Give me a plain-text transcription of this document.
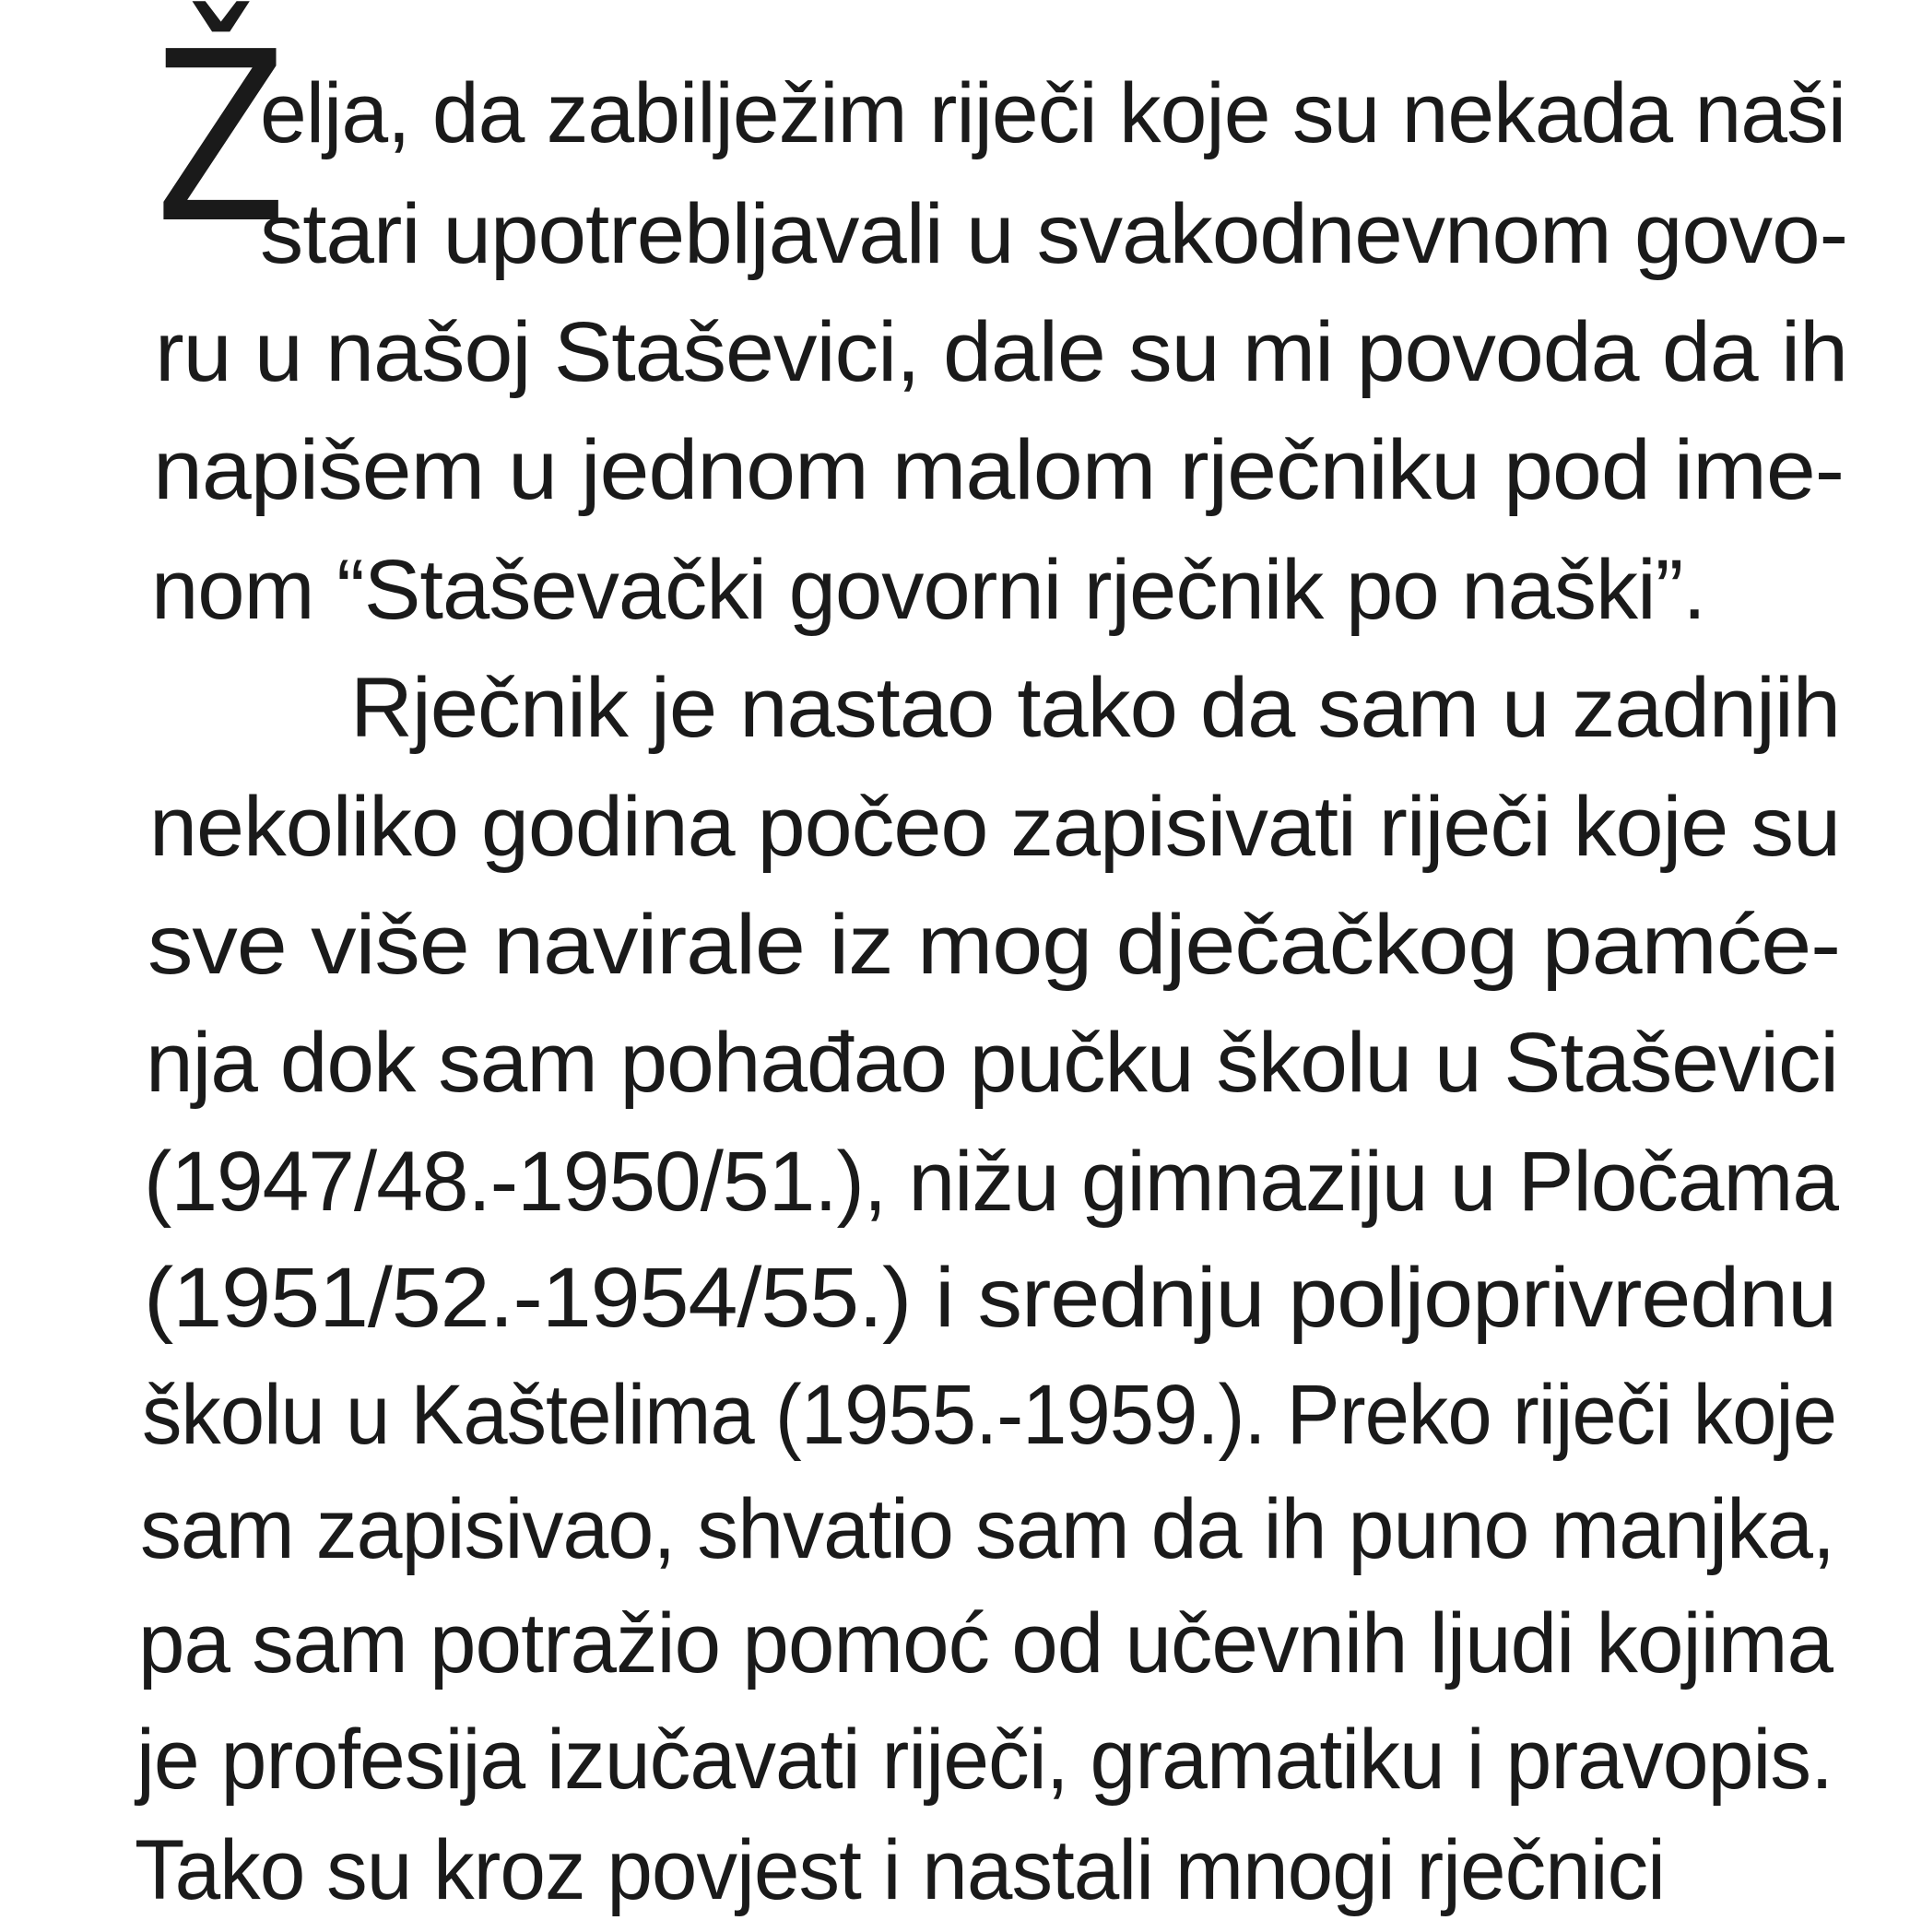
Ž
elja, da zabilježim riječi koje su nekada naši
stari upotrebljavali u svakodnevnom govo-
ru u našoj Staševici, dale su mi povoda da ih
napišem u jednom malom rječniku pod ime-
nom “Staševački govorni rječnik po naški”.
Rječnik je nastao tako da sam u zadnjih
nekoliko godina počeo zapisivati riječi koje su
sve više navirale iz mog dječačkog pamće-
nja dok sam pohađao pučku školu u Staševici
(1947/48.-1950/51.), nižu gimnaziju u Pločama
(1951/52.-1954/55.) i srednju poljoprivrednu
školu u Kaštelima (1955.-1959.). Preko riječi koje
sam zapisivao, shvatio sam da ih puno manjka,
pa sam potražio pomoć od učevnih ljudi kojima
je profesija izučavati riječi, gramatiku i pravopis.
Tako su kroz povjest i nastali mnogi rječnici
